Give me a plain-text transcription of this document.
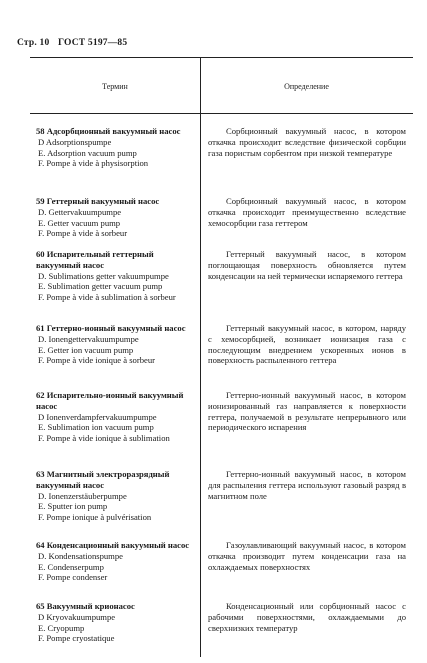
Стр. 10 ГОСТ 5197—85
Термин	Определение
58 Адсорбционный вакуумный насос
D Adsorptionspumpe
E. Adsorption vacuum pump
F. Pompe à vide à physisorption
Сорбционный вакуумный насос, в котором откачка происходит вследствие физической сорбции газа пористым сорбентом при низкой температуре
59 Геттерный вакуумный насос
D. Gettervakuumpumpe
E. Getter vacuum pump
F. Pompe à vide à sorbeur
Сорбционный вакуумный насос, в котором откачка происходит преимущественно вследствие хемосорбции газа геттером
60 Испарительный геттерный вакуумный насос
D. Sublimations getter vakuumpumpe
E. Sublimation getter vacuum pump
F. Pompe à vide à sublimation à sorbeur
Геттерный вакуумный насос, в котором поглощающая поверхность обновляется путем конденсации на ней термически испаряемого геттера
61 Геттерно-ионный вакуумный насос
D. Ionengettervakuumpumpe
E. Getter ion vacuum pump
F. Pompe à vide ionique à sorbeur
Геттерный вакуумный насос, в котором, наряду с хемосорбцией, возникает ионизация газа с последующим внедрением ускоренных ионов в поверхность распыленного геттера
62 Испарительно-ионный вакуумный насос
D Ionenverdampfervakuumpumpe
E. Sublimation ion vacuum pump
F. Pompe à vide ionique à sublimation
Геттерно-ионный вакуумный насос, в котором ионизированный газ направляется к поверхности геттера, получаемой в результате непрерывного или периодического испарения
63 Магнитный электроразрядный вакуумный насос
D. Ionenzerstäuberpumpe
E. Sputter ion pump
F. Pompe ionique à pulvérisation
Геттерно-ионный вакуумный насос, в котором для распыления геттера используют газовый разряд в магнитном поле
64 Конденсационный вакуумный насос
D. Kondensationspumpe
E. Condenserpump
F. Pompe condenser
Газоулавливающий вакуумный насос, в котором откачка производит путем конденсации газа на охлаждаемых поверхностях
65 Вакуумный крионасос
D Kryovakuumpumpe
E. Cryopump
F. Pompe cryostatique
Конденсационный или сорбционный насос с рабочими поверхностями, охлаждаемыми до сверхнизких температур
